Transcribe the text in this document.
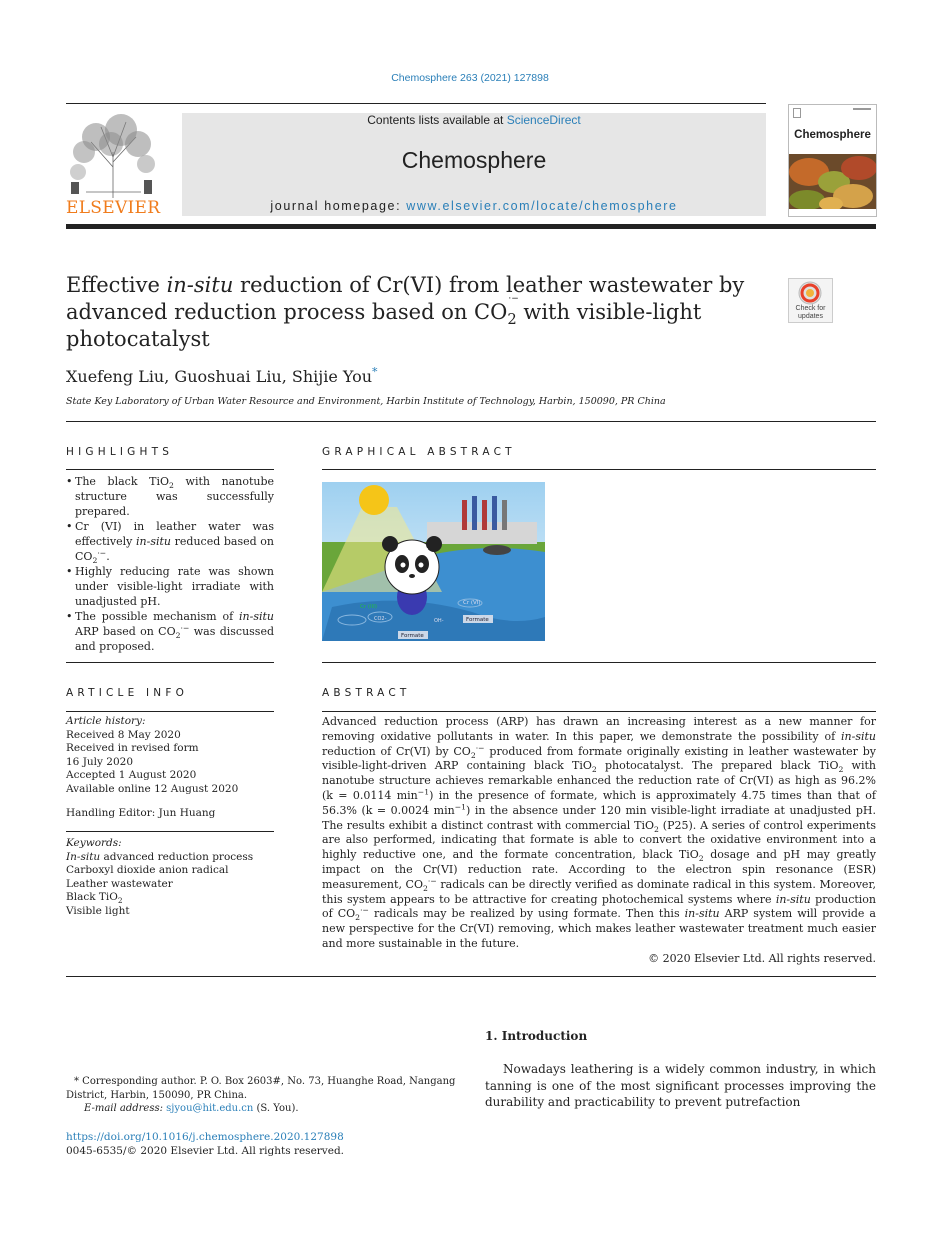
Chemosphere 263 (2021) 127898
ELSEVIER
Contents lists available at ScienceDirect
Chemosphere
journal homepage: www.elsevier.com/locate/chemosphere
Chemosphere
Effective in-situ reduction of Cr(VI) from leather wastewater by
advanced reduction process based on $CO_{2 \cdot-}$
with visible-light
photocatalyst
Check for
updates
Xuefeng Liu, Guoshuai Liu, Shijie You*
State Key Laboratory of Urban Water Resource and Environment, Harbin Institute of Technology, Harbin, 150090, PR China
HIGHLIGHTS
• The black TiO$_2$ with nanotube structure was successfully prepared.
• Cr (VI) in leather water was effectively in-situ reduced based on $CO_2^{\cdot-}$.
• Highly reducing rate was shown under visible-light irradiate with unadjusted pH.
• The possible mechanism of in-situ ARP based on $CO_2^{\cdot-}$ was discussed and proposed.
GRAPHICAL ABSTRACT
Black TiO2
Cr (III)
Cr (VI)
Formate
Formate
OH-
CO2-
ARTICLE INFO
Article history:
Received 8 May 2020
Received in revised form
16 July 2020
Accepted 1 August 2020
Available online 12 August 2020
Handling Editor: Jun Huang
Keywords:
In-situ advanced reduction process
Carboxyl dioxide anion radical
Leather wastewater
Black TiO$_2$
Visible light
ABSTRACT
Advanced reduction process (ARP) has drawn an increasing interest as a new manner for removing oxidative pollutants in water. In this paper, we demonstrate the possibility of in-situ reduction of Cr(VI) by $CO_2^{\cdot-}$ produced from formate originally existing in leather wastewater by visible-light-driven ARP containing black TiO$_2$ photocatalyst. The prepared black TiO$_2$ with nanotube structure achieves remarkable enhanced the reduction rate of Cr(VI) as high as 96.2% (k = 0.0114 $\min^{-1}$) in the presence of formate, which is approximately 4.75 times than that of 56.3% (k = 0.0024 $\min^{-1}$) in the absence under 120 min visible-light irradiate at unadjusted pH. The results exhibit a distinct contrast with commercial TiO$_2$ (P25). A series of control experiments are also performed, indicating that formate is able to convert the oxidative environment into a highly reductive one, and the formate concentration, black TiO$_2$ dosage and pH may greatly impact on the Cr(VI) reduction rate. According to the electron spin resonance (ESR) measurement, $CO_2^{\cdot-}$ radicals can be directly verified as dominate radical in this system. Moreover, this system appears to be attractive for creating photochemical systems where in-situ production of $CO_2^{\cdot-}$ radicals may be realized by using formate. Then this in-situ ARP system will provide a new perspective for the Cr(VI) removing, which makes leather wastewater treatment much easier and more sustainable in the future.
© 2020 Elsevier Ltd. All rights reserved.
1. Introduction
Nowadays leathering is a widely common industry, in which tanning is one of the most significant processes improving the durability and practicability to prevent putrefaction
* Corresponding author. P. O. Box 2603#, No. 73, Huanghe Road, Nangang District, Harbin, 150090, PR China.
E-mail address: sjyou@hit.edu.cn (S. You).
https://doi.org/10.1016/j.chemosphere.2020.127898
0045-6535/© 2020 Elsevier Ltd. All rights reserved.
